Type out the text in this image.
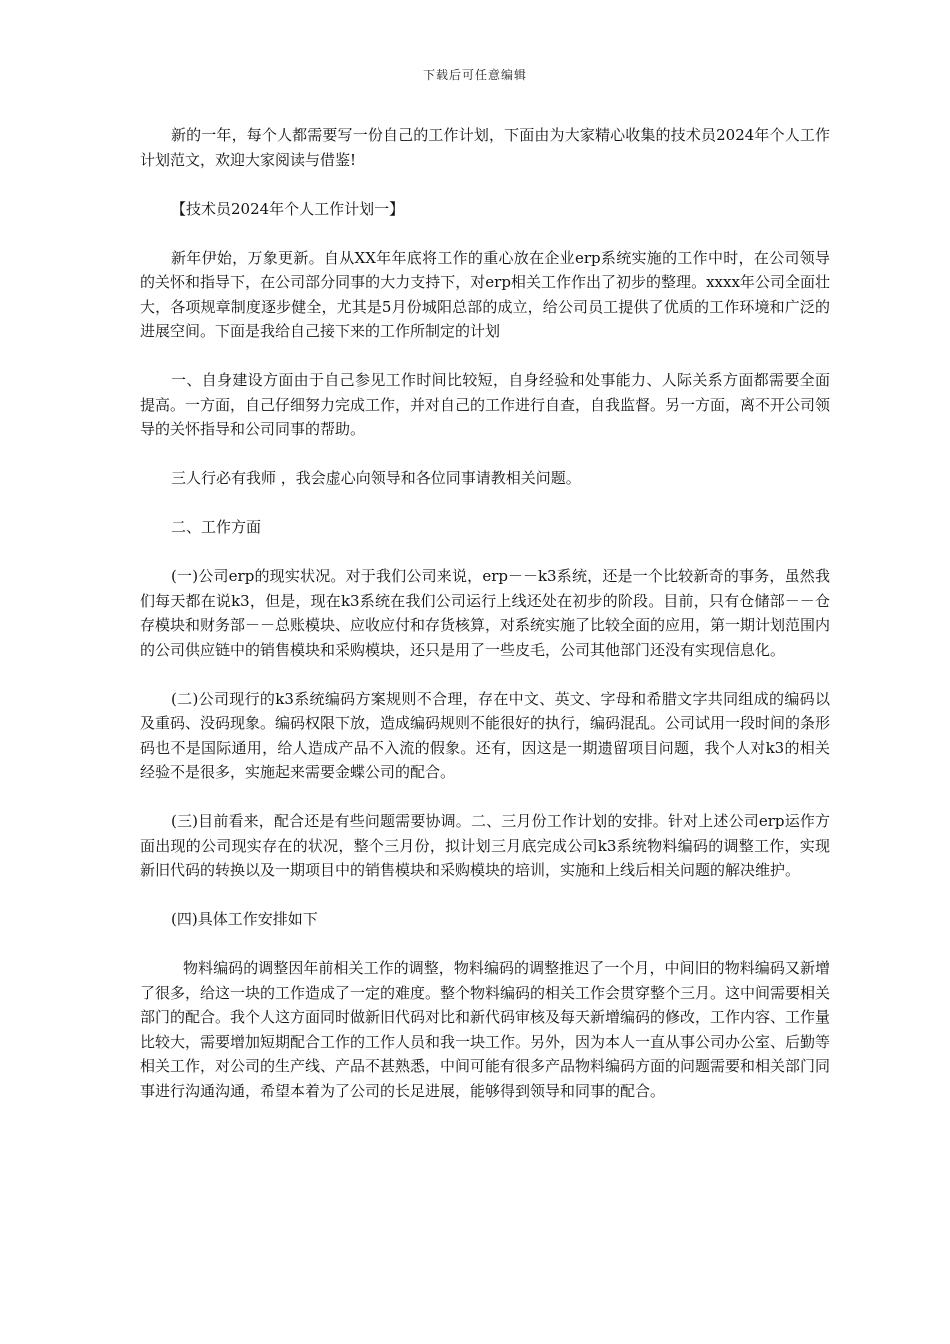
下载后可任意编辑

新的一年，每个人都需要写一份自己的工作计划，下面由为大家精心收集的技术员2024年个人工作计划范文，欢迎大家阅读与借鉴!

【技术员2024年个人工作计划一】

新年伊始，万象更新。自从XX年年底将工作的重心放在企业erp系统实施的工作中时，在公司领导的关怀和指导下，在公司部分同事的大力支持下，对erp相关工作作出了初步的整理。xxxx年公司全面壮大，各项规章制度逐步健全，尤其是5月份城阳总部的成立，给公司员工提供了优质的工作环境和广泛的进展空间。下面是我给自己接下来的工作所制定的计划

一、自身建设方面由于自己参见工作时间比较短，自身经验和处事能力、人际关系方面都需要全面提高。一方面，自己仔细努力完成工作，并对自己的工作进行自查，自我监督。另一方面，离不开公司领导的关怀指导和公司同事的帮助。

三人行必有我师 ，我会虚心向领导和各位同事请教相关问题。

二、工作方面

(一)公司erp的现实状况。对于我们公司来说，erp－－k3系统，还是一个比较新奇的事务，虽然我们每天都在说k3，但是，现在k3系统在我们公司运行上线还处在初步的阶段。目前，只有仓储部－－仓存模块和财务部－－总账模块、应收应付和存货核算，对系统实施了比较全面的应用，第一期计划范围内的公司供应链中的销售模块和采购模块，还只是用了一些皮毛，公司其他部门还没有实现信息化。

(二)公司现行的k3系统编码方案规则不合理，存在中文、英文、字母和希腊文字共同组成的编码以及重码、没码现象。编码权限下放，造成编码规则不能很好的执行，编码混乱。公司试用一段时间的条形码也不是国际通用，给人造成产品不入流的假象。还有，因这是一期遗留项目问题，我个人对k3的相关经验不是很多，实施起来需要金蝶公司的配合。

(三)目前看来，配合还是有些问题需要协调。二、三月份工作计划的安排。针对上述公司erp运作方面出现的公司现实存在的状况，整个三月份，拟计划三月底完成公司k3系统物料编码的调整工作，实现新旧代码的转换以及一期项目中的销售模块和采购模块的培训，实施和上线后相关问题的解决维护。

(四)具体工作安排如下

物料编码的调整因年前相关工作的调整，物料编码的调整推迟了一个月，中间旧的物料编码又新增了很多，给这一块的工作造成了一定的难度。整个物料编码的相关工作会贯穿整个三月。这中间需要相关部门的配合。我个人这方面同时做新旧代码对比和新代码审核及每天新增编码的修改，工作内容、工作量比较大，需要增加短期配合工作的工作人员和我一块工作。另外，因为本人一直从事公司办公室、后勤等相关工作，对公司的生产线、产品不甚熟悉，中间可能有很多产品物料编码方面的问题需要和相关部门同事进行沟通沟通，希望本着为了公司的长足进展，能够得到领导和同事的配合。
